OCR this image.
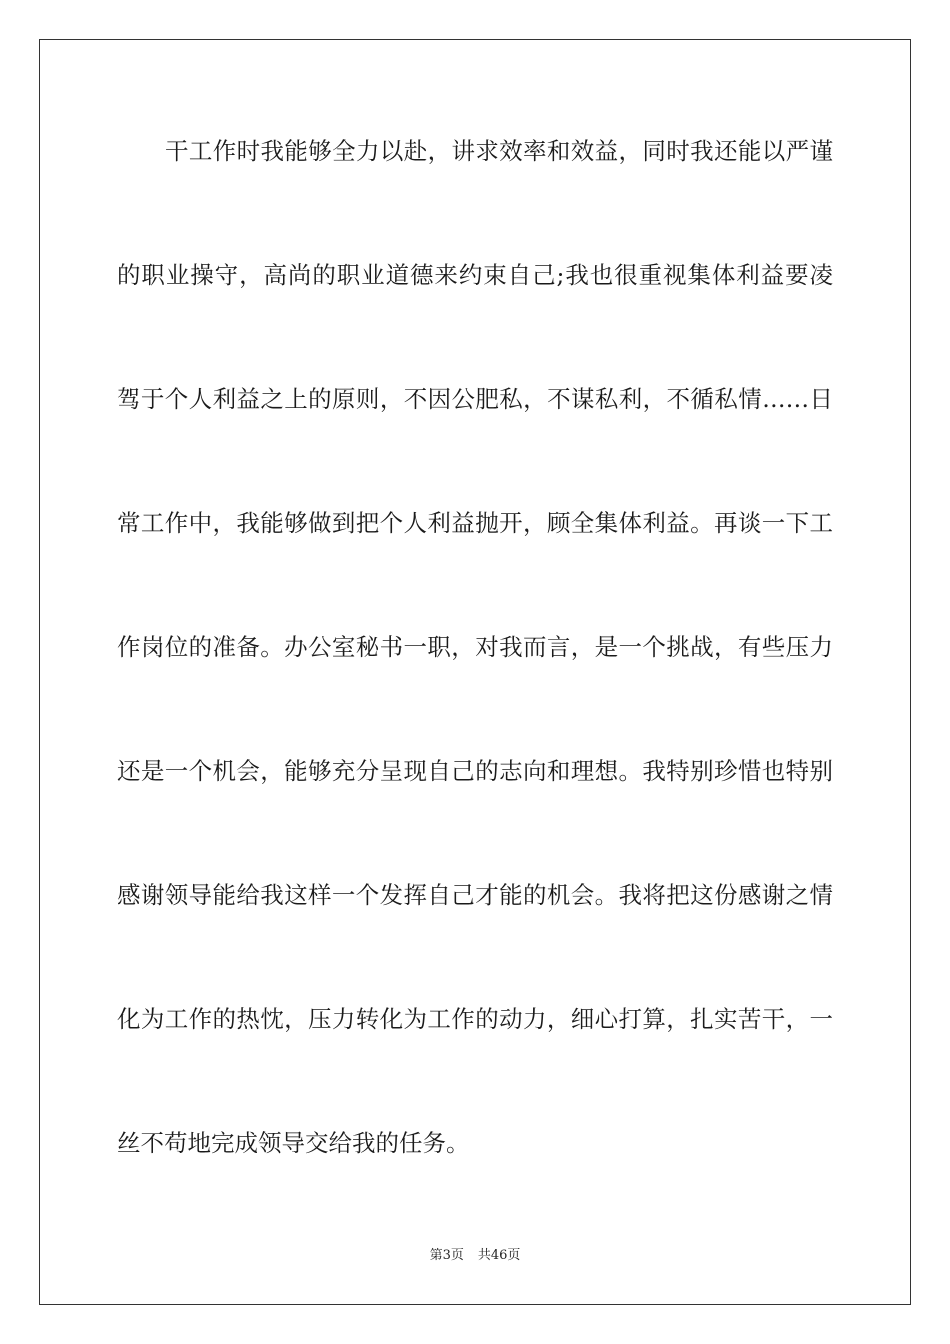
干工作时我能够全力以赴，讲求效率和效益，同时我还能以严谨
的职业操守，高尚的职业道德来约束自己;我也很重视集体利益要凌
驾于个人利益之上的原则，不因公肥私，不谋私利，不循私情……日
常工作中，我能够做到把个人利益抛开，顾全集体利益。再谈一下工
作岗位的准备。办公室秘书一职，对我而言，是一个挑战，有些压力
还是一个机会，能够充分呈现自己的志向和理想。我特别珍惜也特别
感谢领导能给我这样一个发挥自己才能的机会。我将把这份感谢之情
化为工作的热忱，压力转化为工作的动力，细心打算，扎实苦干，一
丝不苟地完成领导交给我的任务。
第3页 共46页
